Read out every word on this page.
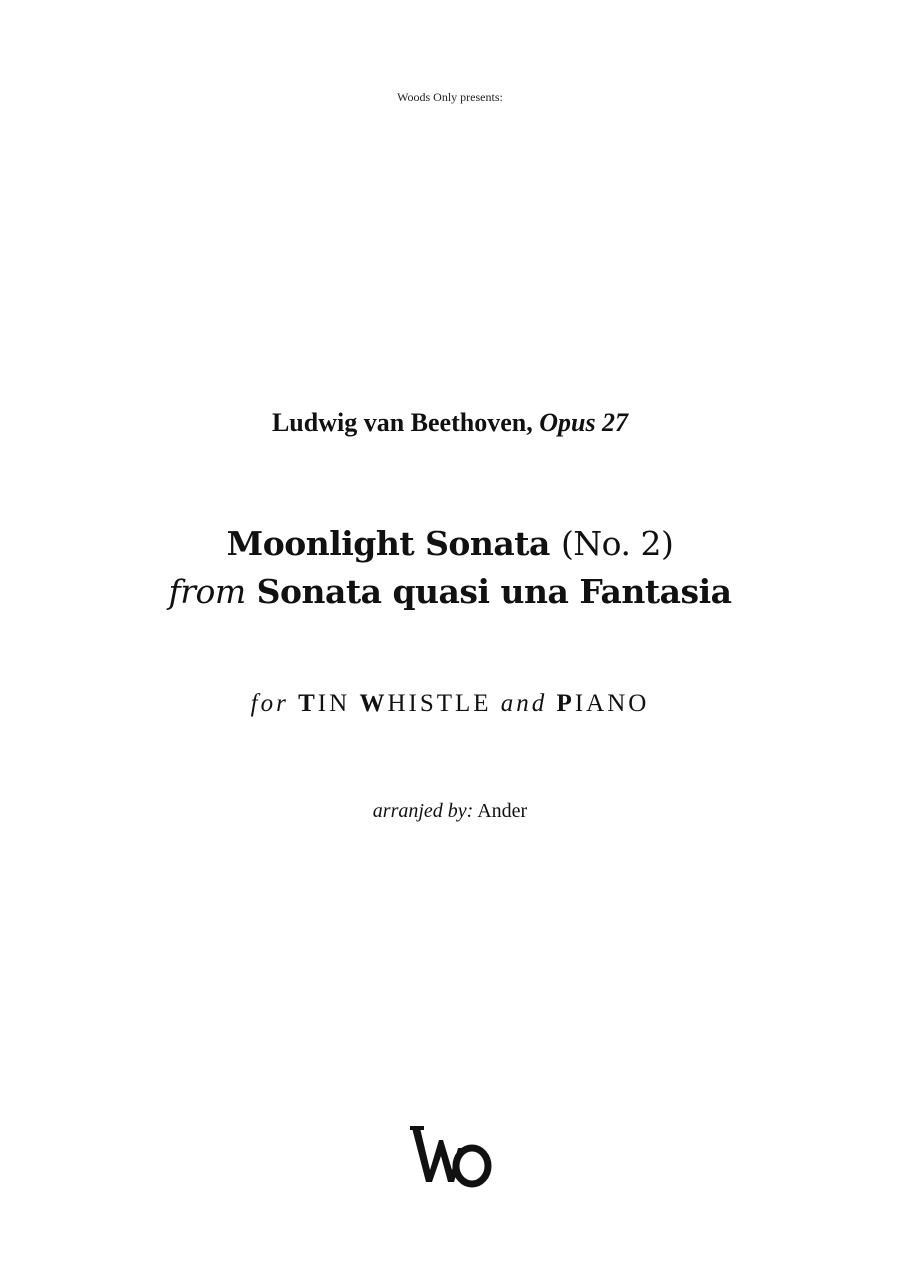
Woods Only presents:
Ludwig van Beethoven, Opus 27
Moonlight Sonata (No. 2)
from Sonata quasi una Fantasia
for TIN WHISTLE and PIANO
arranjed by: Ander
